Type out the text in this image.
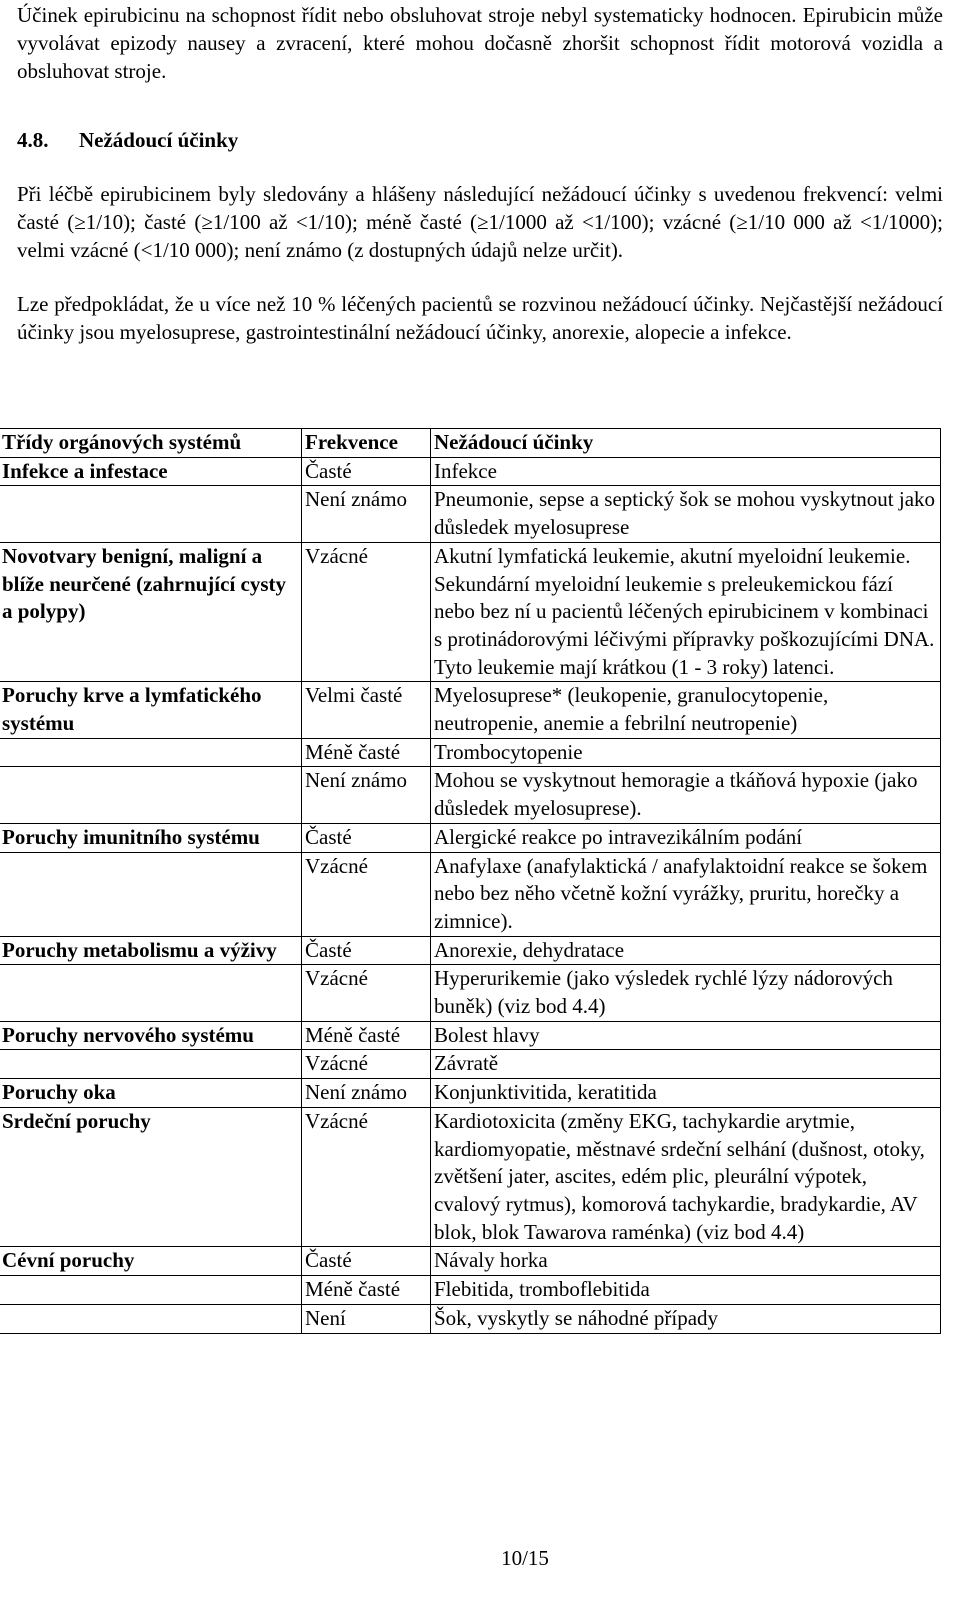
Účinek epirubicinu na schopnost řídit nebo obsluhovat stroje nebyl systematicky hodnocen. Epirubicin může vyvolávat epizody nausey a zvracení, které mohou dočasně zhoršit schopnost řídit motorová vozidla a obsluhovat stroje.

4.8. Nežádoucí účinky

Při léčbě epirubicinem byly sledovány a hlášeny následující nežádoucí účinky s uvedenou frekvencí: velmi časté (≥1/10); časté (≥1/100 až <1/10); méně časté (≥1/1000 až <1/100); vzácné (≥1/10 000 až <1/1000); velmi vzácné (<1/10 000); není známo (z dostupných údajů nelze určit).

Lze předpokládat, že u více než 10 % léčených pacientů se rozvinou nežádoucí účinky. Nejčastější nežádoucí účinky jsou myelosuprese, gastrointestinální nežádoucí účinky, anorexie, alopecie a infekce.

Třídy orgánových systémů	Frekvence	Nežádoucí účinky
Infekce a infestace	Časté	Infekce
	Není známo	Pneumonie, sepse a septický šok se mohou vyskytnout jako důsledek myelosuprese
Novotvary benigní, maligní a blíže neurčené (zahrnující cysty a polypy)	Vzácné	Akutní lymfatická leukemie, akutní myeloidní leukemie. Sekundární myeloidní leukemie s preleukemickou fází nebo bez ní u pacientů léčených epirubicinem v kombinaci s protinádorovými léčivými přípravky poškozujícími DNA. Tyto leukemie mají krátkou (1 - 3 roky) latenci.
Poruchy krve a lymfatického systému	Velmi časté	Myelosuprese* (leukopenie, granulocytopenie, neutropenie, anemie a febrilní neutropenie)
	Méně časté	Trombocytopenie
	Není známo	Mohou se vyskytnout hemoragie a tkáňová hypoxie (jako důsledek myelosuprese).
Poruchy imunitního systému	Časté	Alergické reakce po intravezikálním podání
	Vzácné	Anafylaxe (anafylaktická / anafylaktoidní reakce se šokem nebo bez něho včetně kožní vyrážky, pruritu, horečky a zimnice).
Poruchy metabolismu a výživy	Časté	Anorexie, dehydratace
	Vzácné	Hyperurikemie (jako výsledek rychlé lýzy nádorových buněk) (viz bod 4.4)
Poruchy nervového systému	Méně časté	Bolest hlavy
	Vzácné	Závratě
Poruchy oka	Není známo	Konjunktivitida, keratitida
Srdeční poruchy	Vzácné	Kardiotoxicita (změny EKG, tachykardie arytmie, kardiomyopatie, městnavé srdeční selhání (dušnost, otoky, zvětšení jater, ascites, edém plic, pleurální výpotek, cvalový rytmus), komorová tachykardie, bradykardie, AV blok, blok Tawarova raménka) (viz bod 4.4)
Cévní poruchy	Časté	Návaly horka
	Méně časté	Flebitida, tromboflebitida
	Není	Šok, vyskytly se náhodné případy
10/15
